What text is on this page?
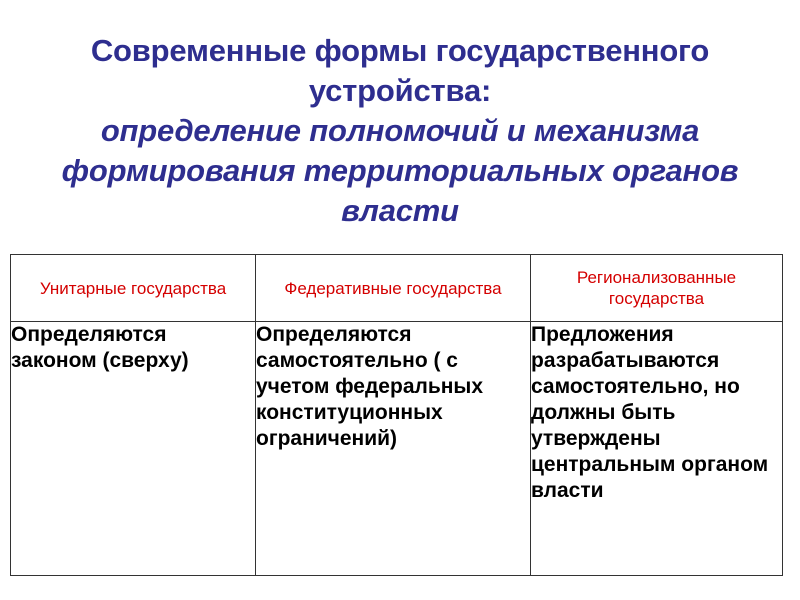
Современные формы государственного устройства:
определение полномочий и механизма формирования территориальных органов власти
Унитарные государства	Федеративные государства	Регионализованные государства
Определяются законом (сверху)	Определяются самостоятельно ( с учетом федеральных конституционных ограничений)	Предложения разрабатываются самостоятельно, но должны быть утверждены центральным органом власти
